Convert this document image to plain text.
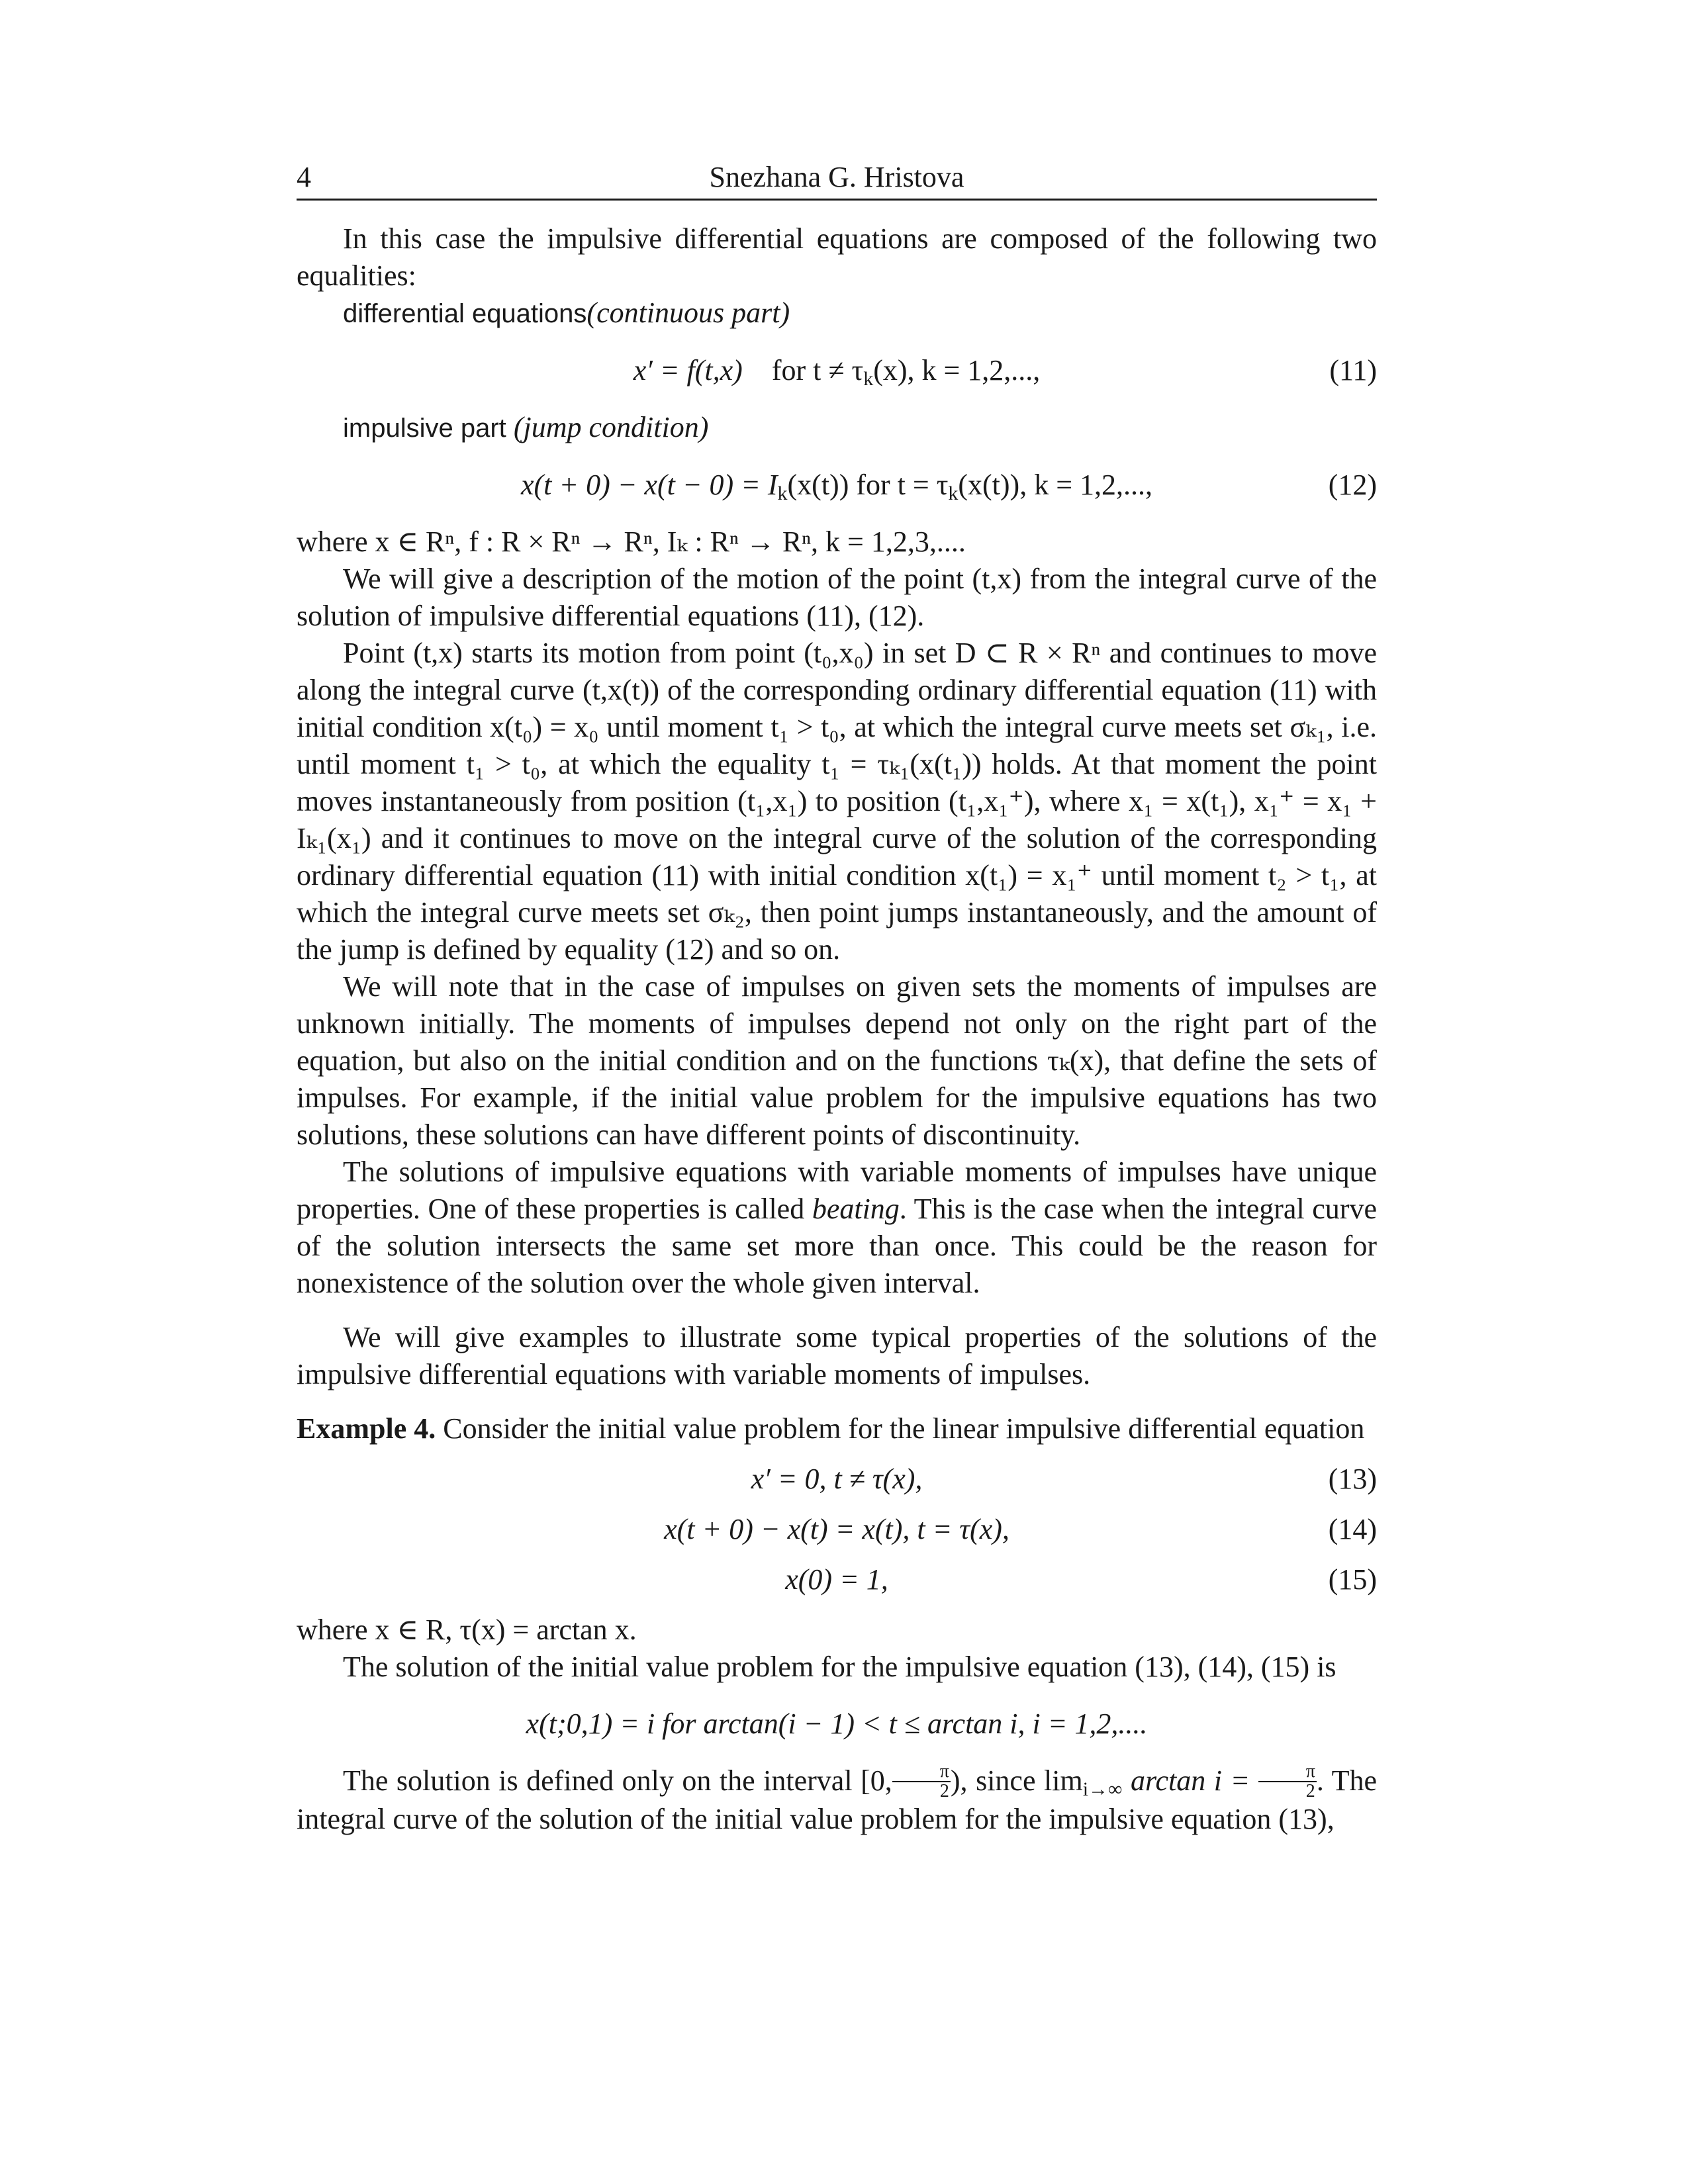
4	Snezhana G. Hristova

In this case the impulsive differential equations are composed of the following two equalities:

differential equations(continuous part)

x′ = f(t,x) for $t \ne \tau_k(x)$, k = 1,2,...,	(11)

impulsive part (jump condition)

$x(t + 0) - x(t - 0) = I_k(x(t))$ for $t = \tau_k(x(t))$, k = 1,2,...,	(12)

where x ∈ Rⁿ, f : R × Rⁿ → Rⁿ, Iₖ : Rⁿ → Rⁿ, k = 1,2,3,....

We will give a description of the motion of the point (t,x) from the integral curve of the solution of impulsive differential equations (11), (12).

Point (t,x) starts its motion from point (t₀,x₀) in set D ⊂ R × Rⁿ and continues to move along the integral curve (t,x(t)) of the corresponding ordinary differential equation (11) with initial condition x(t₀) = x₀ until moment t₁ > t₀, at which the integral curve meets set σₖ₁, i.e. until moment t₁ > t₀, at which the equality t₁ = τₖ₁(x(t₁)) holds. At that moment the point moves instantaneously from position (t₁,x₁) to position (t₁,x₁⁺), where x₁ = x(t₁), x₁⁺ = x₁ + Iₖ₁(x₁) and it continues to move on the integral curve of the solution of the corresponding ordinary differential equation (11) with initial condition x(t₁) = x₁⁺ until moment t₂ > t₁, at which the integral curve meets set σₖ₂, then point jumps instantaneously, and the amount of the jump is defined by equality (12) and so on.

We will note that in the case of impulses on given sets the moments of impulses are unknown initially. The moments of impulses depend not only on the right part of the equation, but also on the initial condition and on the functions τₖ(x), that define the sets of impulses. For example, if the initial value problem for the impulsive equations has two solutions, these solutions can have different points of discontinuity.

The solutions of impulsive equations with variable moments of impulses have unique properties. One of these properties is called beating. This is the case when the integral curve of the solution intersects the same set more than once. This could be the reason for nonexistence of the solution over the whole given interval.

We will give examples to illustrate some typical properties of the solutions of the impulsive differential equations with variable moments of impulses.

Example 4. Consider the initial value problem for the linear impulsive differential equation

x′ = 0, t ≠ τ(x),	(13)
x(t + 0) − x(t) = x(t), t = τ(x),	(14)
x(0) = 1,	(15)

where x ∈ R, τ(x) = arctan x.

The solution of the initial value problem for the impulsive equation (13), (14), (15) is

x(t;0,1) = i for arctan(i − 1) < t ≤ arctan i, i = 1,2,....

The solution is defined only on the interval [0, $\frac{\pi}{2}$ ), since $\lim_{i\to\infty} \arctan i = \frac{\pi}{2}$ . The integral curve of the solution of the initial value problem for the impulsive equation (13),
